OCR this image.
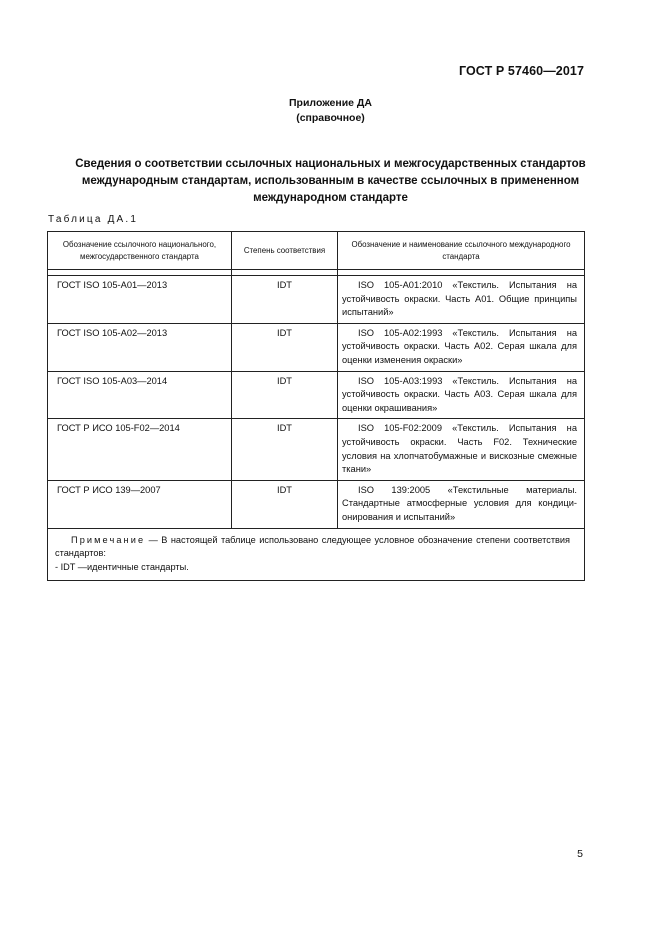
ГОСТ Р 57460—2017
Приложение ДА
(справочное)
Сведения о соответствии ссылочных национальных и межгосударственных стандартов
международным стандартам, использованным в качестве ссылочных в примененном
международном стандарте
Таблица ДА.1
Обозначение ссылочного национального, межгосударственного стандарта	Степень соответствия	Обозначение и наименование ссылочного международного стандарта

ГОСТ ISO 105-A01—2013	IDT	ISO 105-A01:2010 «Текстиль. Испытания на устойчивость окраски. Часть А01. Общие принципы испытаний»
ГОСТ ISO 105-A02—2013	IDT	ISO 105-A02:1993 «Текстиль. Испытания на устойчивость окраски. Часть А02. Серая шкала для оценки изменения окраски»
ГОСТ ISO 105-A03—2014	IDT	ISO 105-A03:1993 «Текстиль. Испытания на устойчивость окраски. Часть А03. Серая шкала для оценки окрашивания»
ГОСТ Р ИСО 105-F02—2014	IDT	ISO 105-F02:2009 «Текстиль. Испытания на устойчивость окраски. Часть F02. Технические условия на хлопчатобумажные и вискозные смежные ткани»
ГОСТ Р ИСО 139—2007	IDT	ISO 139:2005 «Текстильные материалы. Стандартные атмосферные условия для кондиционирования и испытаний»

Примечание — В настоящей таблице использовано следующее условное обозначение степени соответствия стандартов:
- IDT —идентичные стандарты.		
5
